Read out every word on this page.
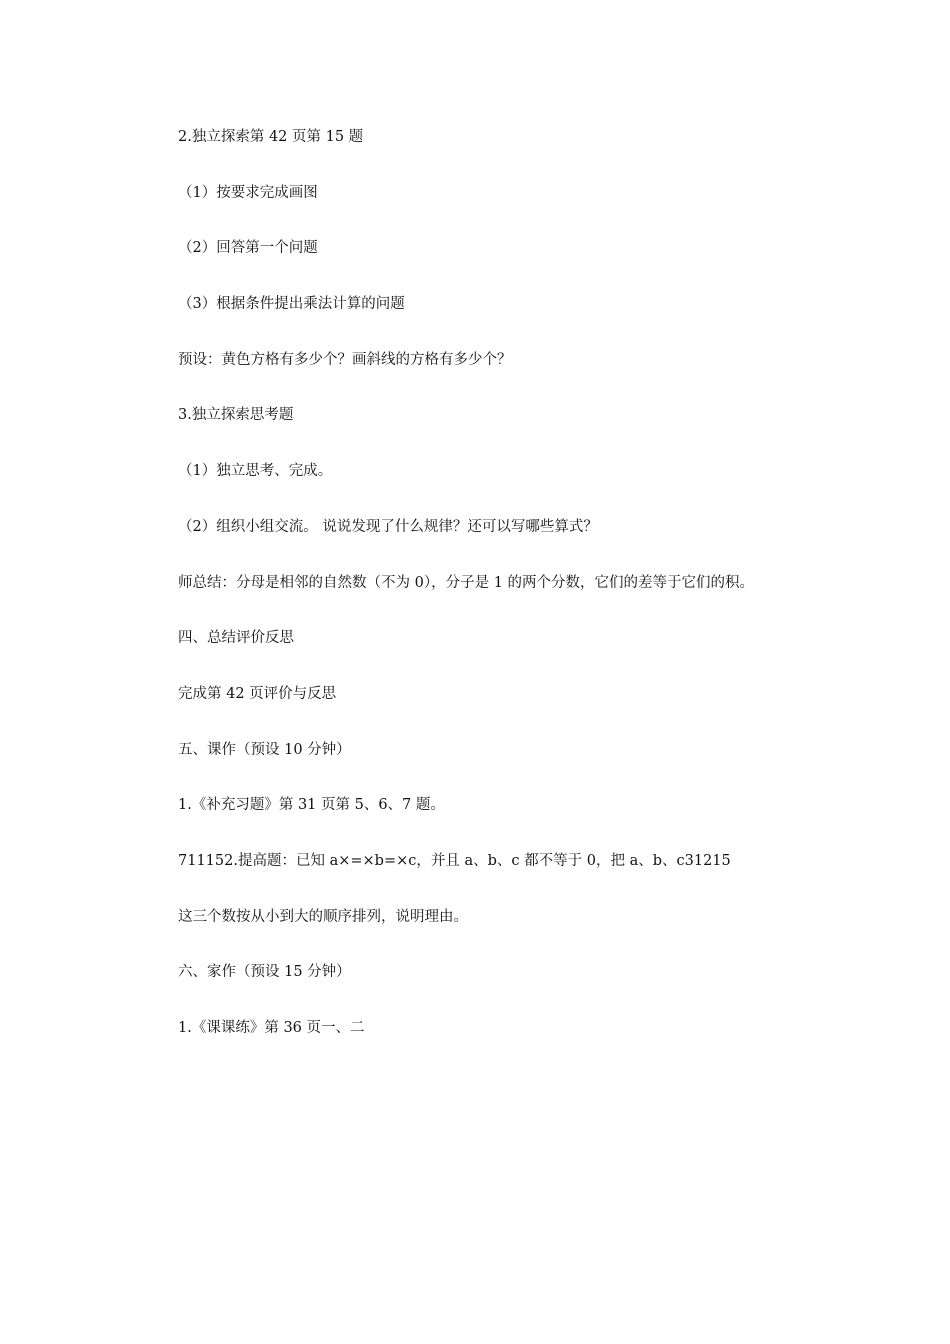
2.独立探索第 42 页第 15 题
（1）按要求完成画图
（2）回答第一个问题
（3）根据条件提出乘法计算的问题
预设：黄色方格有多少个？画斜线的方格有多少个？
3.独立探索思考题
（1）独立思考、完成。
（2）组织小组交流。 说说发现了什么规律？还可以写哪些算式？
师总结：分母是相邻的自然数（不为 0），分子是 1 的两个分数，它们的差等于它们的积。
四、总结评价反思
完成第 42 页评价与反思
五、课作（预设 10 分钟）
1.《补充习题》第 31 页第 5、6、7 题。
711152.提高题：已知 a×=×b=×c，并且 a、b、c 都不等于 0，把 a、b、c31215
这三个数按从小到大的顺序排列，说明理由。
六、家作（预设 15 分钟）
1.《课课练》第 36 页一、二
